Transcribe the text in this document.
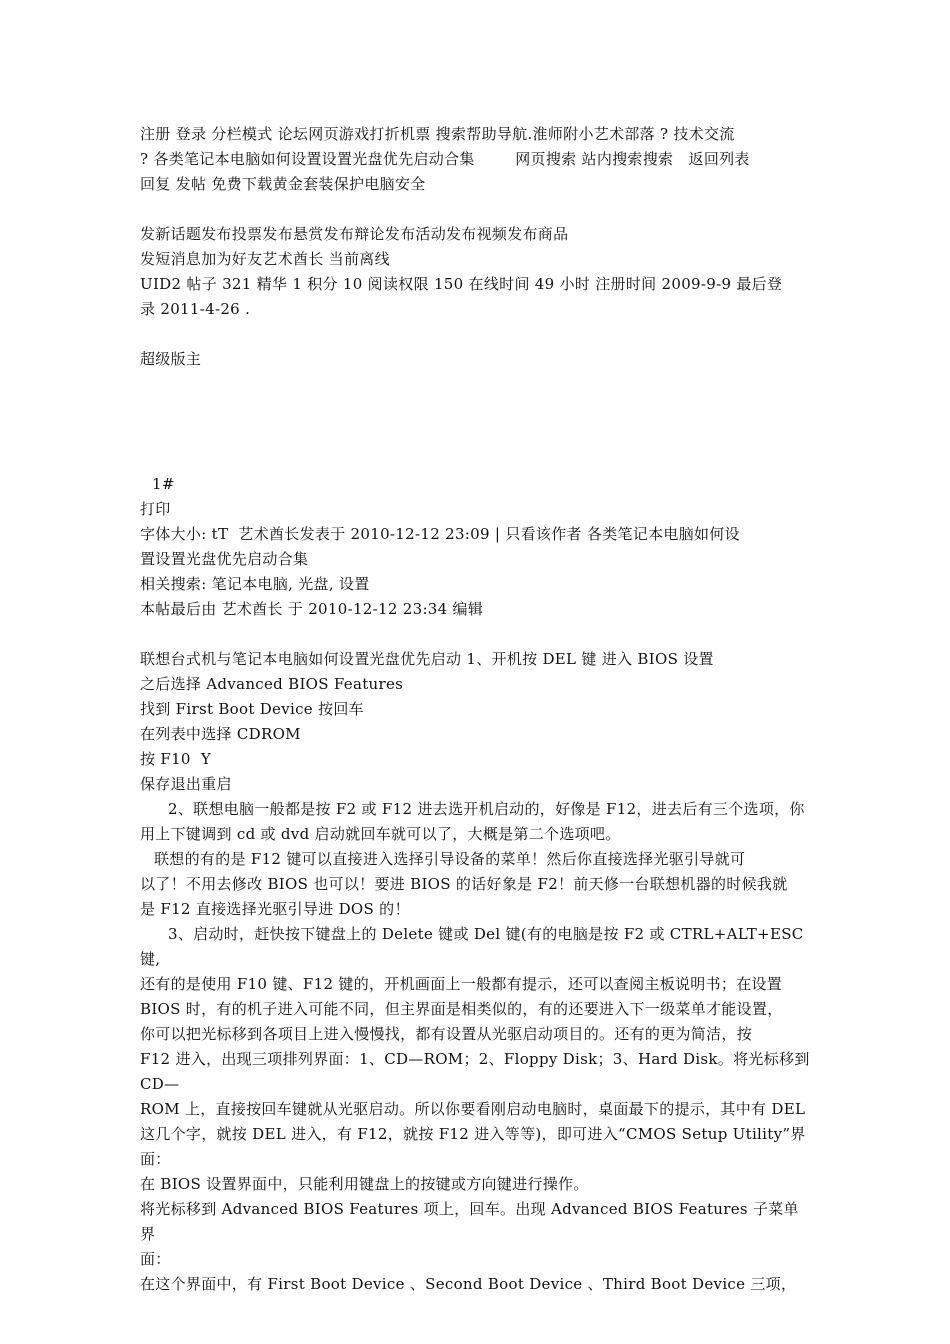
注册 登录 分栏模式 论坛网页游戏打折机票 搜索帮助导航.淮师附小艺术部落 ? 技术交流

? 各类笔记本电脑如何设置设置光盘优先启动合集        网页搜索 站内搜索搜索   返回列表

回复 发帖 免费下载黄金套装保护电脑安全

发新话题发布投票发布悬赏发布辩论发布活动发布视频发布商品

发短消息加为好友艺术酋长 当前离线

UID2 帖子 321 精华 1 积分 10 阅读权限 150 在线时间 49 小时 注册时间 2009-9-9 最后登

录 2011-4-26 .

超级版主

1#

打印

字体大小: tT  艺术酋长发表于 2010-12-12 23:09 | 只看该作者 各类笔记本电脑如何设

置设置光盘优先启动合集

相关搜索: 笔记本电脑, 光盘, 设置

本帖最后由 艺术酋长 于 2010-12-12 23:34 编辑

联想台式机与笔记本电脑如何设置光盘优先启动 1、开机按 DEL 键 进入 BIOS 设置

之后选择 Advanced BIOS Features

找到 First Boot Device 按回车

在列表中选择 CDROM

按 F10  Y

保存退出重启

2、联想电脑一般都是按 F2 或 F12 进去选开机启动的，好像是 F12，进去后有三个选项，你

用上下键调到 cd 或 dvd 启动就回车就可以了，大概是第二个选项吧。

联想的有的是 F12 键可以直接进入选择引导设备的菜单！然后你直接选择光驱引导就可

以了！不用去修改 BIOS 也可以！要进 BIOS 的话好象是 F2！前天修一台联想机器的时候我就

是 F12 直接选择光驱引导进 DOS 的！

3、启动时，赶快按下键盘上的 Delete 键或 Del 键(有的电脑是按 F2 或 CTRL+ALT+ESC 键,

还有的是使用 F10 键、F12 键的，开机画面上一般都有提示，还可以查阅主板说明书；在设置

BIOS 时，有的机子进入可能不同，但主界面是相类似的，有的还要进入下一级菜单才能设置，

你可以把光标移到各项目上进入慢慢找，都有设置从光驱启动项目的。还有的更为简洁，按

F12 进入，出现三项排列界面：1、CD—ROM；2、Floppy Disk；3、Hard Disk。将光标移到 CD—

ROM 上，直接按回车键就从光驱启动。所以你要看刚启动电脑时，桌面最下的提示，其中有 DEL

这几个字，就按 DEL 进入，有 F12，就按 F12 进入等等)，即可进入“CMOS Setup Utility”界

面：

在 BIOS 设置界面中，只能利用键盘上的按键或方向键进行操作。

将光标移到 Advanced BIOS Features 项上，回车。出现 Advanced BIOS Features 子菜单界

面：

在这个界面中，有 First Boot Device 、Second Boot Device 、Third Boot Device 三项，
